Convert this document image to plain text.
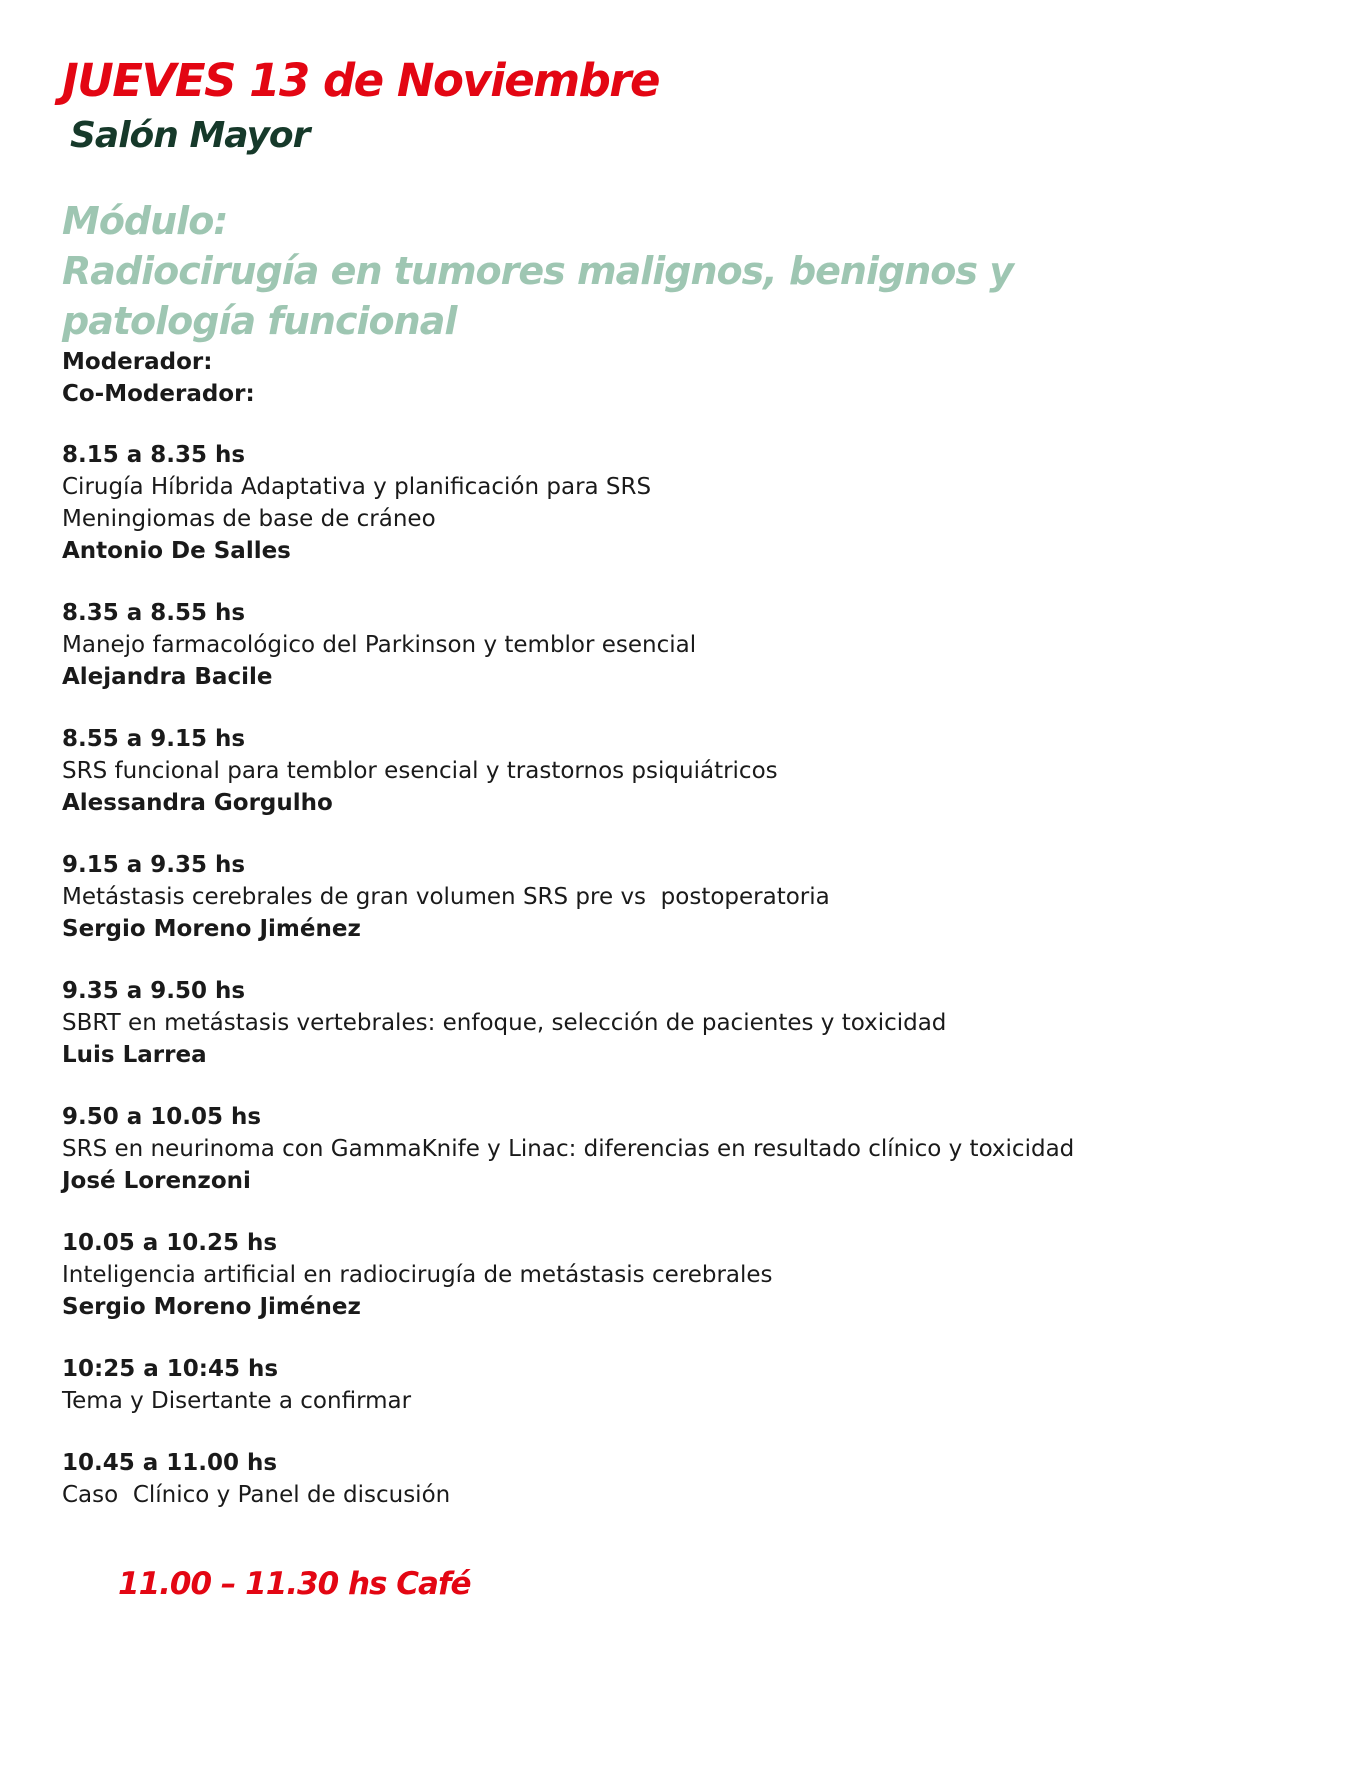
JUEVES 13 de Noviembre
Salón Mayor

Módulo:

Radiocirugía en tumores malignos, benignos y

patología funcional

Moderador:

Co-Moderador:

8.15 a 8.35 hs

Cirugía Híbrida Adaptativa y planificación para SRS

Meningiomas de base de cráneo

Antonio De Salles

8.35 a 8.55 hs

Manejo farmacológico del Parkinson y temblor esencial

Alejandra Bacile

8.55 a 9.15 hs

SRS funcional para temblor esencial y trastornos psiquiátricos

Alessandra Gorgulho

9.15 a 9.35 hs

Metástasis cerebrales de gran volumen SRS pre vs  postoperatoria

Sergio Moreno Jiménez

9.35 a 9.50 hs

SBRT en metástasis vertebrales: enfoque, selección de pacientes y toxicidad

Luis Larrea

9.50 a 10.05 hs

SRS en neurinoma con GammaKnife y Linac: diferencias en resultado clínico y toxicidad

José Lorenzoni

10.05 a 10.25 hs

Inteligencia artificial en radiocirugía de metástasis cerebrales

Sergio Moreno Jiménez

10:25 a 10:45 hs

Tema y Disertante a confirmar

10.45 a 11.00 hs

Caso  Clínico y Panel de discusión

11.00 – 11.30 hs Café
